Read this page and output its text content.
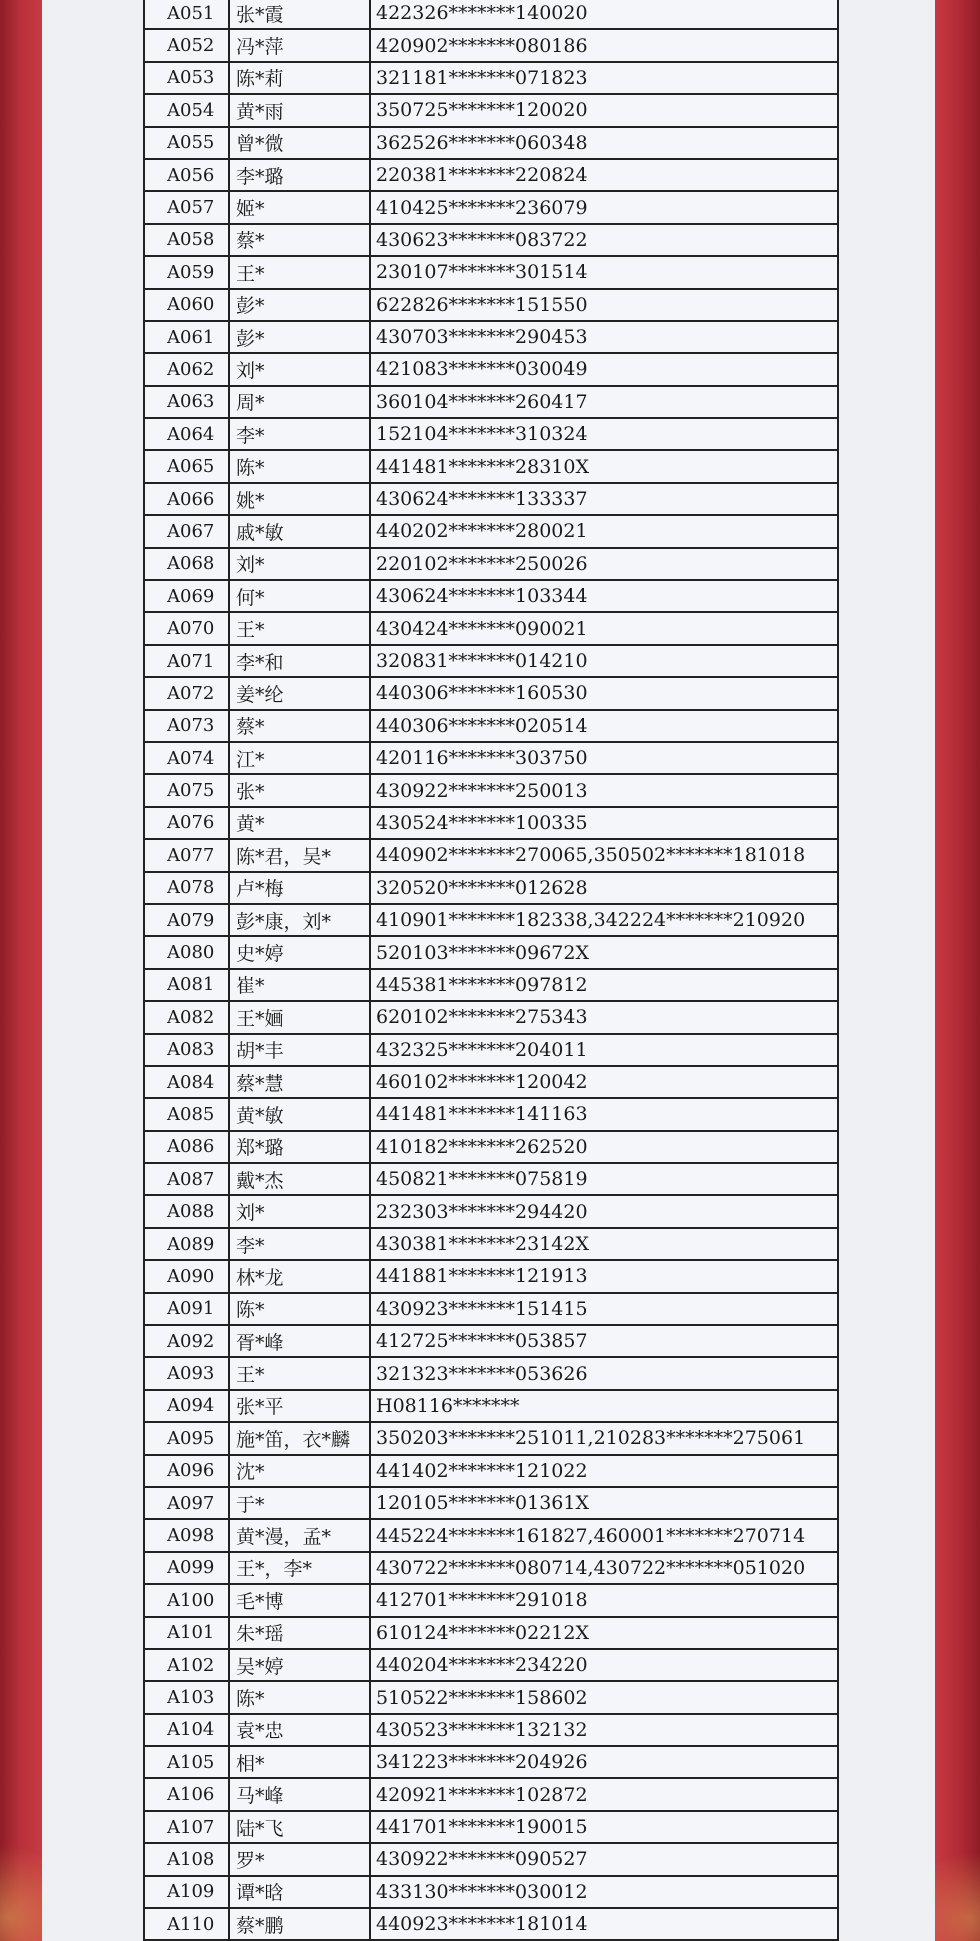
A051	张*霞	422326*******140020
A052	冯*萍	420902*******080186
A053	陈*莉	321181*******071823
A054	黄*雨	350725*******120020
A055	曾*微	362526*******060348
A056	李*璐	220381*******220824
A057	姬*	410425*******236079
A058	蔡*	430623*******083722
A059	王*	230107*******301514
A060	彭*	622826*******151550
A061	彭*	430703*******290453
A062	刘*	421083*******030049
A063	周*	360104*******260417
A064	李*	152104*******310324
A065	陈*	441481*******28310X
A066	姚*	430624*******133337
A067	戚*敏	440202*******280021
A068	刘*	220102*******250026
A069	何*	430624*******103344
A070	王*	430424*******090021
A071	李*和	320831*******014210
A072	姜*纶	440306*******160530
A073	蔡*	440306*******020514
A074	江*	420116*******303750
A075	张*	430922*******250013
A076	黄*	430524*******100335
A077	陈*君，吴*	440902*******270065,350502*******181018
A078	卢*梅	320520*******012628
A079	彭*康，刘*	410901*******182338,342224*******210920
A080	史*婷	520103*******09672X
A081	崔*	445381*******097812
A082	王*婳	620102*******275343
A083	胡*丰	432325*******204011
A084	蔡*慧	460102*******120042
A085	黄*敏	441481*******141163
A086	郑*璐	410182*******262520
A087	戴*杰	450821*******075819
A088	刘*	232303*******294420
A089	李*	430381*******23142X
A090	林*龙	441881*******121913
A091	陈*	430923*******151415
A092	胥*峰	412725*******053857
A093	王*	321323*******053626
A094	张*平	H08116*******
A095	施*笛，衣*麟	350203*******251011,210283*******275061
A096	沈*	441402*******121022
A097	于*	120105*******01361X
A098	黄*漫，孟*	445224*******161827,460001*******270714
A099	王*，李*	430722*******080714,430722*******051020
A100	毛*博	412701*******291018
A101	朱*瑶	610124*******02212X
A102	吴*婷	440204*******234220
A103	陈*	510522*******158602
A104	袁*忠	430523*******132132
A105	相*	341223*******204926
A106	马*峰	420921*******102872
A107	陆*飞	441701*******190015
A108	罗*	430922*******090527
A109	谭*晗	433130*******030012
A110	蔡*鹏	440923*******181014
